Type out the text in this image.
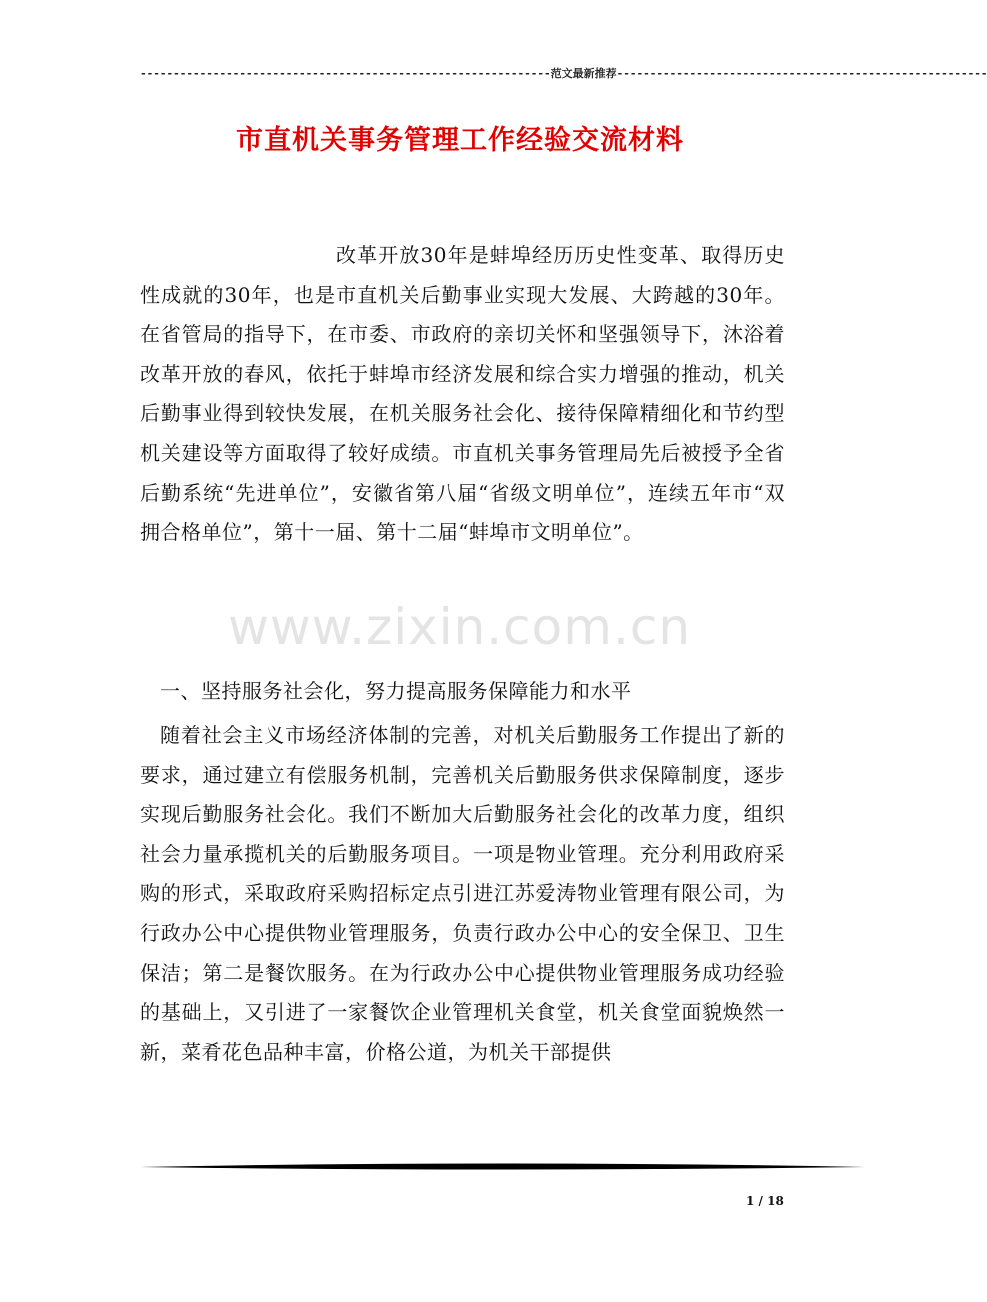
--------------------------------------------------------------范文最新推荐--------------------------------------------------------
市直机关事务管理工作经验交流材料

改革开放30年是蚌埠经历历史性变革、取得历史性成就的30年，也是市直机关后勤事业实现大发展、大跨越的30年。在省管局的指导下，在市委、市政府的亲切关怀和坚强领导下，沐浴着改革开放的春风，依托于蚌埠市经济发展和综合实力增强的推动，机关后勤事业得到较快发展，在机关服务社会化、接待保障精细化和节约型机关建设等方面取得了较好成绩。市直机关事务管理局先后被授予全省后勤系统“先进单位”，安徽省第八届“省级文明单位”，连续五年市“双拥合格单位”，第十一届、第十二届“蚌埠市文明单位”。

www.zixin.com.cn
一、坚持服务社会化，努力提高服务保障能力和水平

随着社会主义市场经济体制的完善，对机关后勤服务工作提出了新的要求，通过建立有偿服务机制，完善机关后勤服务供求保障制度，逐步实现后勤服务社会化。我们不断加大后勤服务社会化的改革力度，组织社会力量承揽机关的后勤服务项目。一项是物业管理。充分利用政府采购的形式，采取政府采购招标定点引进江苏爱涛物业管理有限公司，为行政办公中心提供物业管理服务，负责行政办公中心的安全保卫、卫生保洁；第二是餐饮服务。在为行政办公中心提供物业管理服务成功经验的基础上，又引进了一家餐饮企业管理机关食堂，机关食堂面貌焕然一新，菜肴花色品种丰富，价格公道，为机关干部提供

1 / 18
